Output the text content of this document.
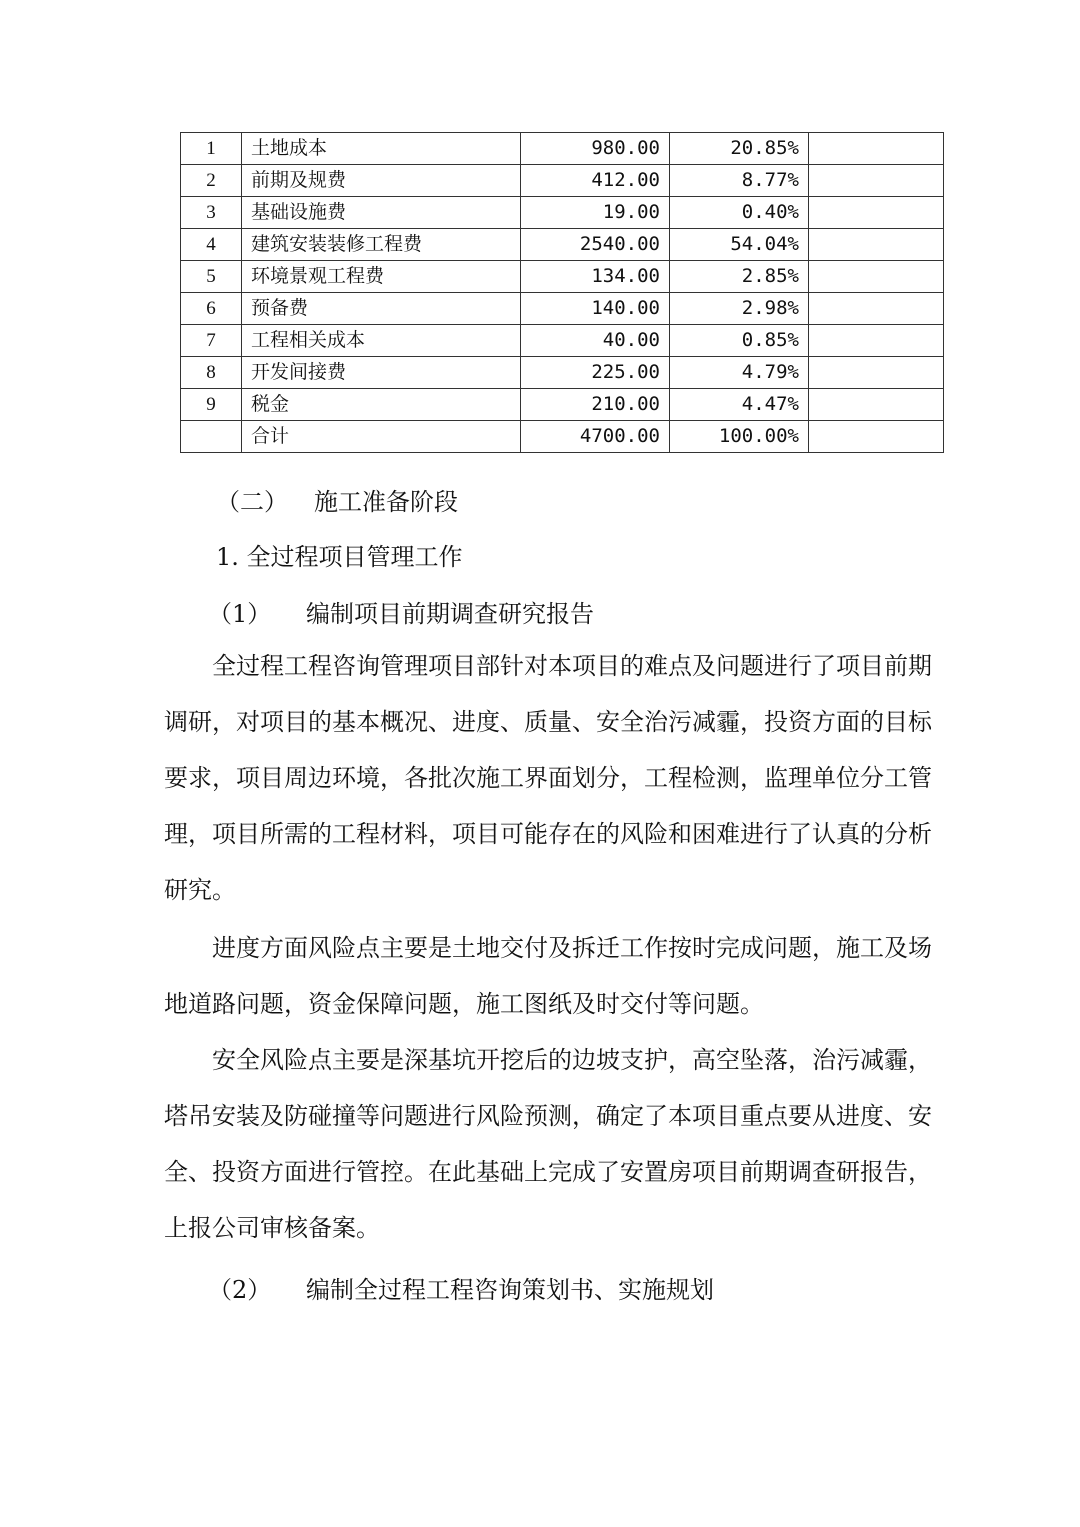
1	土地成本	980.00	20.85%	
2	前期及规费	412.00	8.77%	
3	基础设施费	19.00	0.40%	
4	建筑安装装修工程费	2540.00	54.04%	
5	环境景观工程费	134.00	2.85%	
6	预备费	140.00	2.98%	
7	工程相关成本	40.00	0.85%	
8	开发间接费	225.00	4.79%	
9	税金	210.00	4.47%	
	合计	4700.00	100.00%	
（二） 施工准备阶段
1. 全过程项目管理工作
（1） 编制项目前期调查研究报告

全过程工程咨询管理项目部针对本项目的难点及问题进行了项目前期调研，对项目的基本概况、进度、质量、安全治污减霾，投资方面的目标要求，项目周边环境，各批次施工界面划分，工程检测，监理单位分工管理，项目所需的工程材料，项目可能存在的风险和困难进行了认真的分析研究。

进度方面风险点主要是土地交付及拆迁工作按时完成问题，施工及场地道路问题，资金保障问题，施工图纸及时交付等问题。

安全风险点主要是深基坑开挖后的边坡支护，高空坠落，治污减霾，塔吊安装及防碰撞等问题进行风险预测，确定了本项目重点要从进度、安全、投资方面进行管控。在此基础上完成了安置房项目前期调查研报告，上报公司审核备案。

（2） 编制全过程工程咨询策划书、实施规划
